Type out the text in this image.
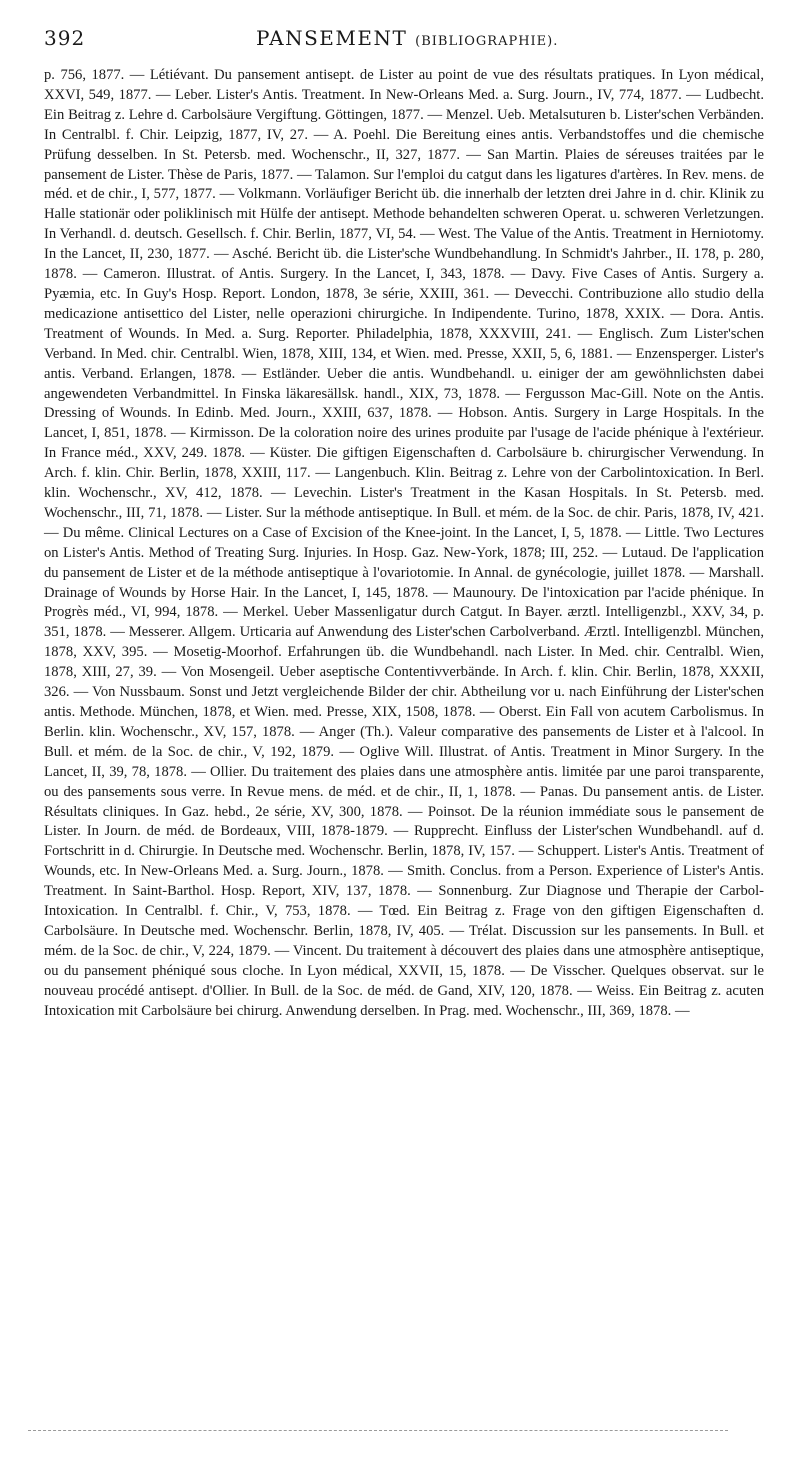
392	PANSEMENT (BIBLIOGRAPHIE).

p. 756, 1877. — Létiévant. Du pansement antisept. de Lister au point de vue des résultats pratiques. In Lyon médical, XXVI, 549, 1877. — Leber. Lister's Antis. Treatment. In New-Orleans Med. a. Surg. Journ., IV, 774, 1877. — Ludbecht. Ein Beitrag z. Lehre d. Carbolsäure Vergiftung. Göttingen, 1877. — Menzel. Ueb. Metalsuturen b. Lister'schen Verbänden. In Centralbl. f. Chir. Leipzig, 1877, IV, 27. — A. Poehl. Die Bereitung eines antis. Verbandstoffes und die chemische Prüfung desselben. In St. Petersb. med. Wochenschr., II, 327, 1877. — San Martin. Plaies de séreuses traitées par le pansement de Lister. Thèse de Paris, 1877. — Talamon. Sur l'emploi du catgut dans les ligatures d'artères. In Rev. mens. de méd. et de chir., I, 577, 1877. — Volkmann. Vorläufiger Bericht üb. die innerhalb der letzten drei Jahre in d. chir. Klinik zu Halle stationär oder poliklinisch mit Hülfe der antisept. Methode behandelten schweren Operat. u. schweren Verletzungen. In Verhandl. d. deutsch. Gesellsch. f. Chir. Berlin, 1877, VI, 54. — West. The Value of the Antis. Treatment in Herniotomy. In the Lancet, II, 230, 1877. — Asché. Bericht üb. die Lister'sche Wundbehandlung. In Schmidt's Jahrber., II. 178, p. 280, 1878. — Cameron. Illustrat. of Antis. Surgery. In the Lancet, I, 343, 1878. — Davy. Five Cases of Antis. Surgery a. Pyæmia, etc. In Guy's Hosp. Report. London, 1878, 3e série, XXIII, 361. — Devecchi. Contribuzione allo studio della medicazione antisettico del Lister, nelle operazioni chirurgiche. In Indipendente. Turino, 1878, XXIX. — Dora. Antis. Treatment of Wounds. In Med. a. Surg. Reporter. Philadelphia, 1878, XXXVIII, 241. — Englisch. Zum Lister'schen Verband. In Med. chir. Centralbl. Wien, 1878, XIII, 134, et Wien. med. Presse, XXII, 5, 6, 1881. — Enzensperger. Lister's antis. Verband. Erlangen, 1878. — Estländer. Ueber die antis. Wundbehandl. u. einiger der am gewöhnlichsten dabei angewendeten Verbandmittel. In Finska läkaresällsk. handl., XIX, 73, 1878. — Fergusson Mac-Gill. Note on the Antis. Dressing of Wounds. In Edinb. Med. Journ., XXIII, 637, 1878. — Hobson. Antis. Surgery in Large Hospitals. In the Lancet, I, 851, 1878. — Kirmisson. De la coloration noire des urines produite par l'usage de l'acide phénique à l'extérieur. In France méd., XXV, 249. 1878. — Küster. Die giftigen Eigenschaften d. Carbolsäure b. chirurgischer Verwendung. In Arch. f. klin. Chir. Berlin, 1878, XXIII, 117. — Langenbuch. Klin. Beitrag z. Lehre von der Carbolintoxication. In Berl. klin. Wochenschr., XV, 412, 1878. — Levechin. Lister's Treatment in the Kasan Hospitals. In St. Petersb. med. Wochenschr., III, 71, 1878. — Lister. Sur la méthode antiseptique. In Bull. et mém. de la Soc. de chir. Paris, 1878, IV, 421. — Du même. Clinical Lectures on a Case of Excision of the Knee-joint. In the Lancet, I, 5, 1878. — Little. Two Lectures on Lister's Antis. Method of Treating Surg. Injuries. In Hosp. Gaz. New-York, 1878; III, 252. — Lutaud. De l'application du pansement de Lister et de la méthode antiseptique à l'ovariotomie. In Annal. de gynécologie, juillet 1878. — Marshall. Drainage of Wounds by Horse Hair. In the Lancet, I, 145, 1878. — Maunoury. De l'intoxication par l'acide phénique. In Progrès méd., VI, 994, 1878. — Merkel. Ueber Massenligatur durch Catgut. In Bayer. ærztl. Intelligenzbl., XXV, 34, p. 351, 1878. — Messerer. Allgem. Urticaria auf Anwendung des Lister'schen Carbolverband. Ærztl. Intelligenzbl. München, 1878, XXV, 395. — Mosetig-Moorhof. Erfahrungen üb. die Wundbehandl. nach Lister. In Med. chir. Centralbl. Wien, 1878, XIII, 27, 39. — Von Mosengeil. Ueber aseptische Contentivverbände. In Arch. f. klin. Chir. Berlin, 1878, XXXII, 326. — Von Nussbaum. Sonst und Jetzt vergleichende Bilder der chir. Abtheilung vor u. nach Einführung der Lister'schen antis. Methode. München, 1878, et Wien. med. Presse, XIX, 1508, 1878. — Oberst. Ein Fall von acutem Carbolismus. In Berlin. klin. Wochenschr., XV, 157, 1878. — Anger (Th.). Valeur comparative des pansements de Lister et à l'alcool. In Bull. et mém. de la Soc. de chir., V, 192, 1879. — Oglive Will. Illustrat. of Antis. Treatment in Minor Surgery. In the Lancet, II, 39, 78, 1878. — Ollier. Du traitement des plaies dans une atmosphère antis. limitée par une paroi transparente, ou des pansements sous verre. In Revue mens. de méd. et de chir., II, 1, 1878. — Panas. Du pansement antis. de Lister. Résultats cliniques. In Gaz. hebd., 2e série, XV, 300, 1878. — Poinsot. De la réunion immédiate sous le pansement de Lister. In Journ. de méd. de Bordeaux, VIII, 1878-1879. — Rupprecht. Einfluss der Lister'schen Wundbehandl. auf d. Fortschritt in d. Chirurgie. In Deutsche med. Wochenschr. Berlin, 1878, IV, 157. — Schuppert. Lister's Antis. Treatment of Wounds, etc. In New-Orleans Med. a. Surg. Journ., 1878. — Smith. Conclus. from a Person. Experience of Lister's Antis. Treatment. In Saint-Barthol. Hosp. Report, XIV, 137, 1878. — Sonnenburg. Zur Diagnose und Therapie der Carbol-Intoxication. In Centralbl. f. Chir., V, 753, 1878. — Tœd. Ein Beitrag z. Frage von den giftigen Eigenschaften d. Carbolsäure. In Deutsche med. Wochenschr. Berlin, 1878, IV, 405. — Trélat. Discussion sur les pansements. In Bull. et mém. de la Soc. de chir., V, 224, 1879. — Vincent. Du traitement à découvert des plaies dans une atmosphère antiseptique, ou du pansement phéniqué sous cloche. In Lyon médical, XXVII, 15, 1878. — De Visscher. Quelques observat. sur le nouveau procédé antisept. d'Ollier. In Bull. de la Soc. de méd. de Gand, XIV, 120, 1878. — Weiss. Ein Beitrag z. acuten Intoxication mit Carbolsäure bei chirurg. Anwendung derselben. In Prag. med. Wochenschr., III, 369, 1878. —
